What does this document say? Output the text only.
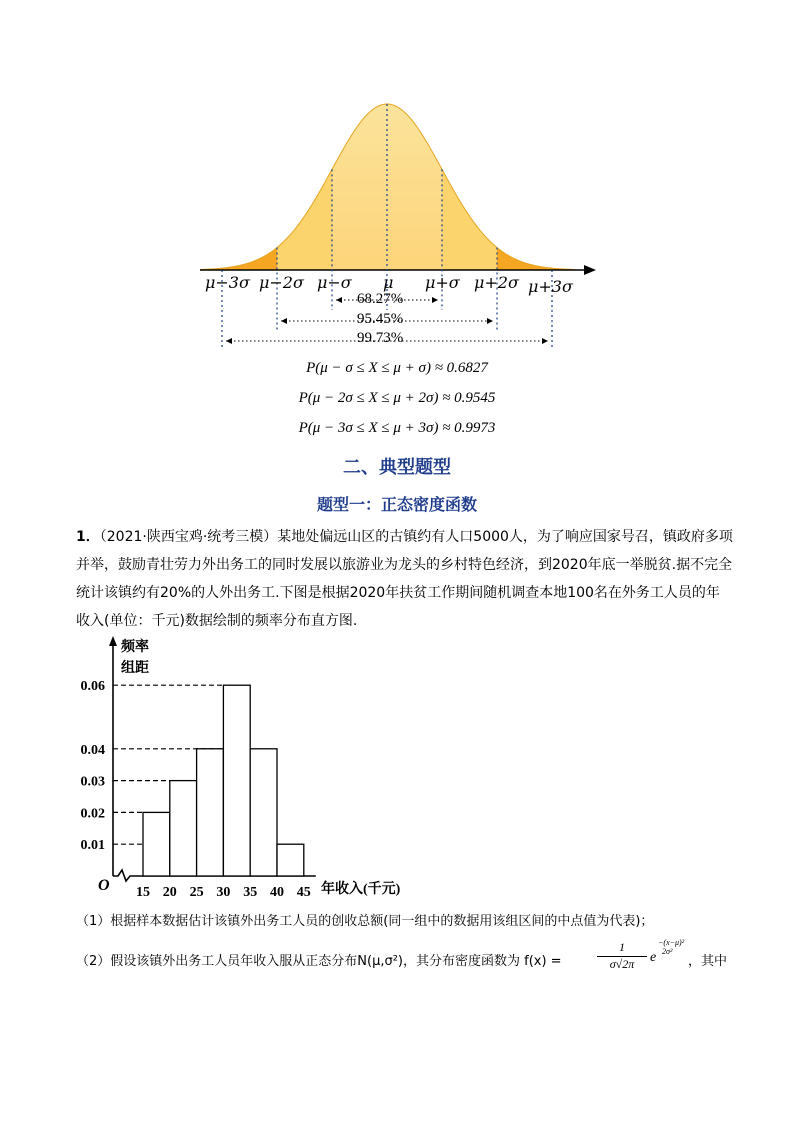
μ−3σ μ−2σ μ−σ μ μ+σ μ+2σ μ+3σ
68.27%
95.45%
99.73%
P(μ − σ ≤ X ≤ μ + σ) ≈ 0.6827
P(μ − 2σ ≤ X ≤ μ + 2σ) ≈ 0.9545
P(μ − 3σ ≤ X ≤ μ + 3σ) ≈ 0.9973
二、典型题型
题型一：正态密度函数
1．（2021·陕西宝鸡·统考三模）某地处偏远山区的古镇约有人口5000人，为了响应国家号召，镇政府多项
并举，鼓励青壮劳力外出务工的同时发展以旅游业为龙头的乡村特色经济，到2020年底一举脱贫.据不完全
统计该镇约有20%的人外出务工.下图是根据2020年扶贫工作期间随机调查本地100名在外务工人员的年
收入(单位：千元)数据绘制的频率分布直方图.
0.01
0.02
0.03
0.04
0.06
15 20 25 30 35 40 45
频率
组距
年收入(千元)
O
（1）根据样本数据估计该镇外出务工人员的创收总额(同一组中的数据用该组区间的中点值为代表)；
（2）假设该镇外出务工人员年收入服从正态分布N(μ,σ²)，其分布密度函数为 f(x) =	$\frac{1}{\sigma√2\pi}$ e
−(x−μ)²
2σ²
，其中
